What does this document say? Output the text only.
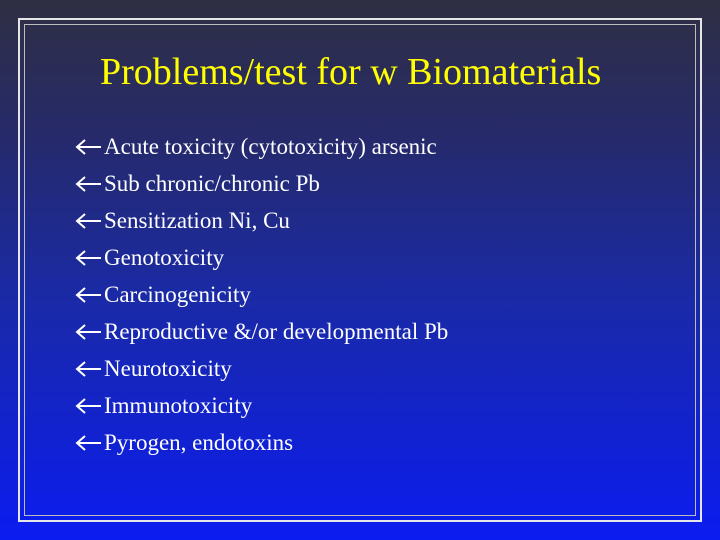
Problems/test for w Biomaterials
Acute toxicity (cytotoxicity) arsenic
Sub chronic/chronic Pb
Sensitization Ni, Cu
Genotoxicity
Carcinogenicity
Reproductive &/or developmental Pb
Neurotoxicity
Immunotoxicity
Pyrogen, endotoxins
